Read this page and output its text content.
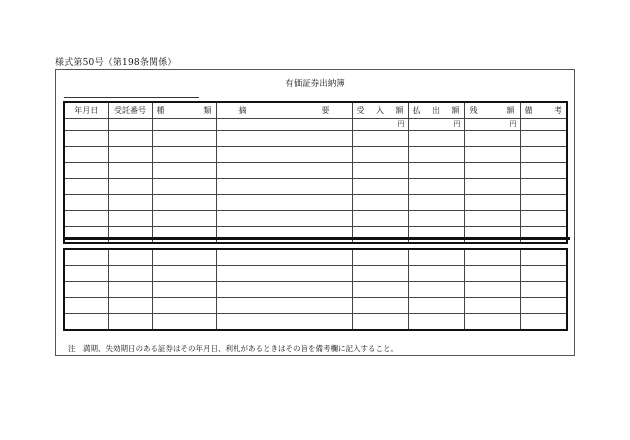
様式第50号（第198条関係）
有価証券出納簿
年月日	受託番号	種 類	摘 要	受 入 額	払 出 額	残 額	備 考

				円	円	円	

注　満期、失効期日のある証券はその年月日、利札があるときはその旨を備考欄に記入すること。
